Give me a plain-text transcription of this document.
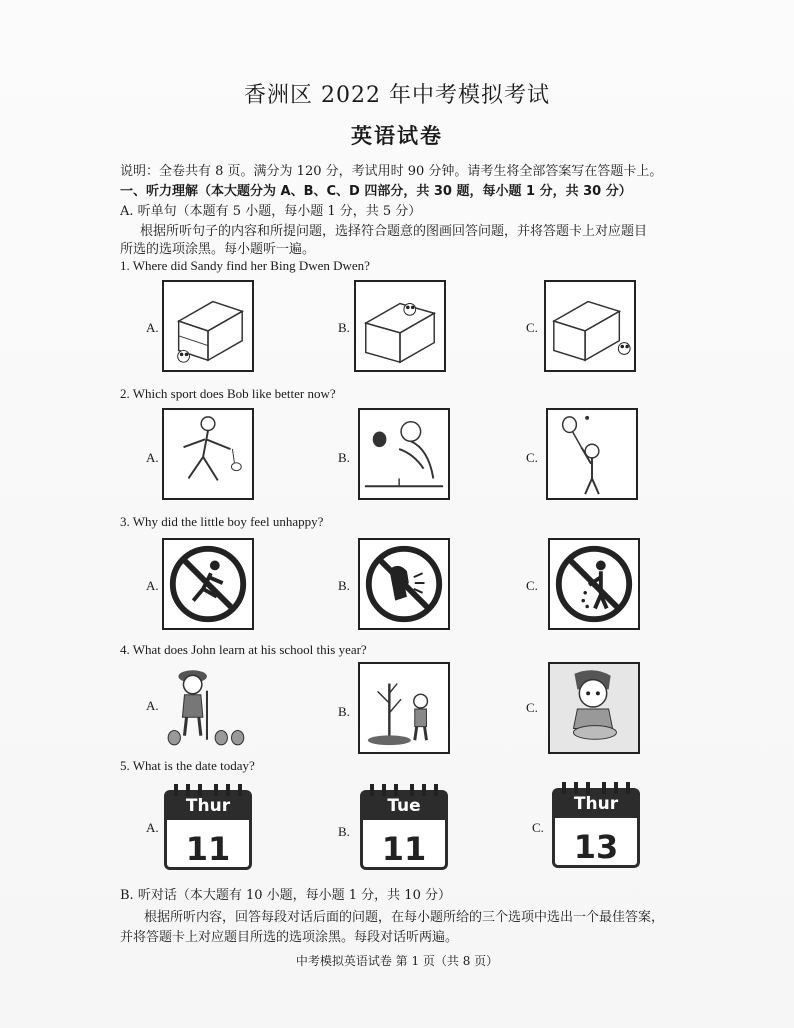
香洲区 2022 年中考模拟考试
英语试卷
说明：全卷共有 8 页。满分为 120 分，考试用时 90 分钟。请考生将全部答案写在答题卡上。
一、听力理解（本大题分为 A、B、C、D 四部分，共 30 题，每小题 1 分，共 30 分）
A. 听单句（本题有 5 小题，每小题 1 分，共 5 分）
根据所听句子的内容和所提问题，选择符合题意的图画回答问题，并将答题卡上对应题目
所选的选项涂黑。每小题听一遍。
1. Where did Sandy find her Bing Dwen Dwen?
A.	B.	C.
2. Which sport does Bob like better now?
A.	B.	C.
3. Why did the little boy feel unhappy?
A.	B.	C.
4. What does John learn at his school this year?
A.	B.	C.
5. What is the date today?
A.
Thur
11	B.
Tue
11
C.
Thur
13
B. 听对话（本大题有 10 小题，每小题 1 分，共 10 分）
根据所听内容，回答每段对话后面的问题，在每小题所给的三个选项中选出一个最佳答案，
并将答题卡上对应题目所选的选项涂黑。每段对话听两遍。
中考模拟英语试卷 第 1 页（共 8 页）
